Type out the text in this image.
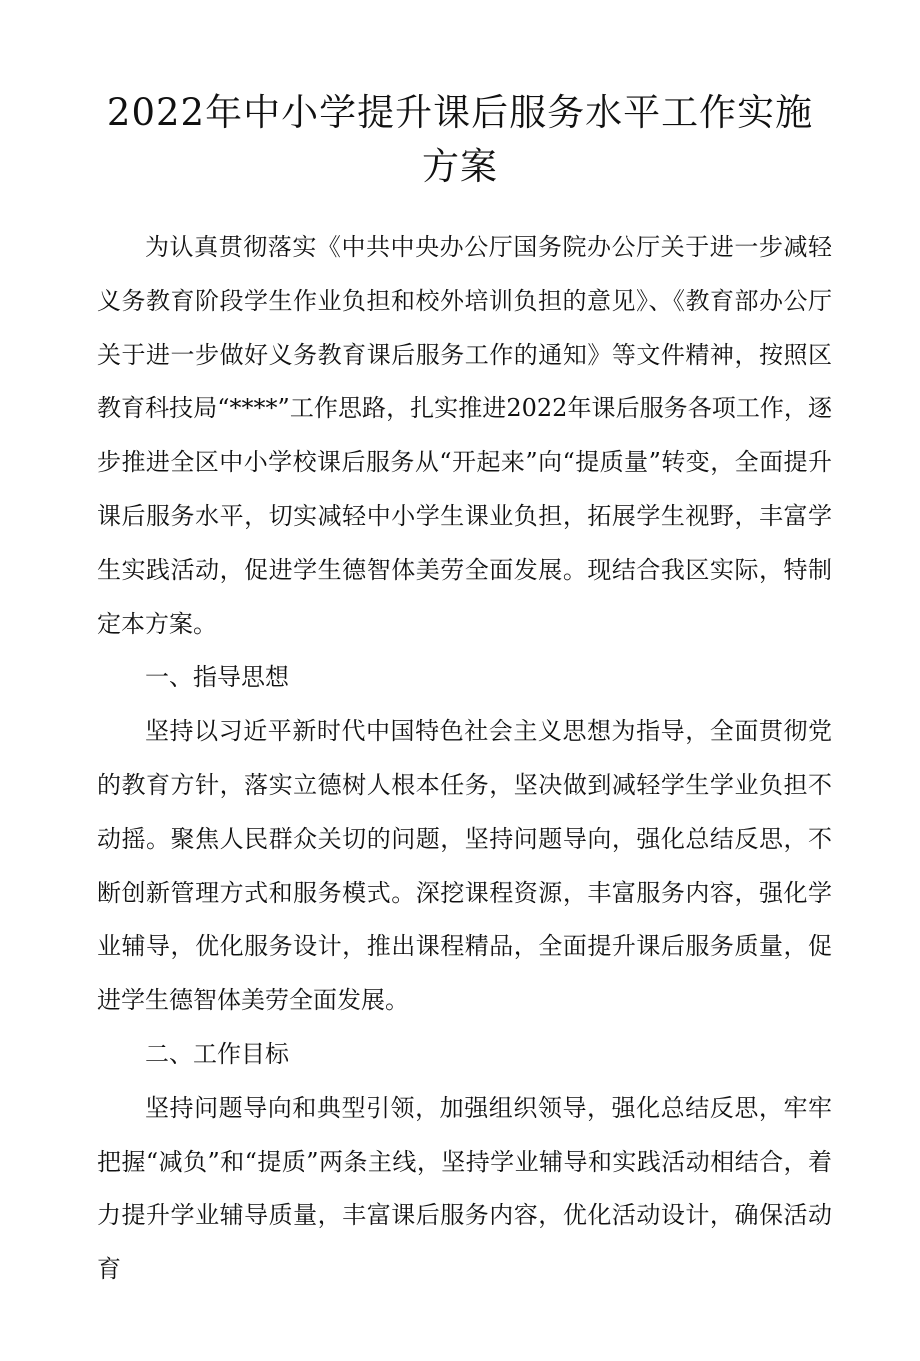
2022年中小学提升课后服务水平工作实施
方案

为认真贯彻落实《中共中央办公厅国务院办公厅关于进一步减轻义务教育阶段学生作业负担和校外培训负担的意见》、《教育部办公厅关于进一步做好义务教育课后服务工作的通知》等文件精神，按照区教育科技局“****”工作思路，扎实推进2022年课后服务各项工作，逐步推进全区中小学校课后服务从“开起来”向“提质量”转变，全面提升课后服务水平，切实减轻中小学生课业负担，拓展学生视野，丰富学生实践活动，促进学生德智体美劳全面发展。现结合我区实际，特制定本方案。

一、指导思想

坚持以习近平新时代中国特色社会主义思想为指导，全面贯彻党的教育方针，落实立德树人根本任务，坚决做到减轻学生学业负担不动摇。聚焦人民群众关切的问题，坚持问题导向，强化总结反思，不断创新管理方式和服务模式。深挖课程资源，丰富服务内容，强化学业辅导，优化服务设计，推出课程精品，全面提升课后服务质量，促进学生德智体美劳全面发展。

二、工作目标

坚持问题导向和典型引领，加强组织领导，强化总结反思，牢牢把握“减负”和“提质”两条主线，坚持学业辅导和实践活动相结合，着力提升学业辅导质量，丰富课后服务内容，优化活动设计，确保活动育
